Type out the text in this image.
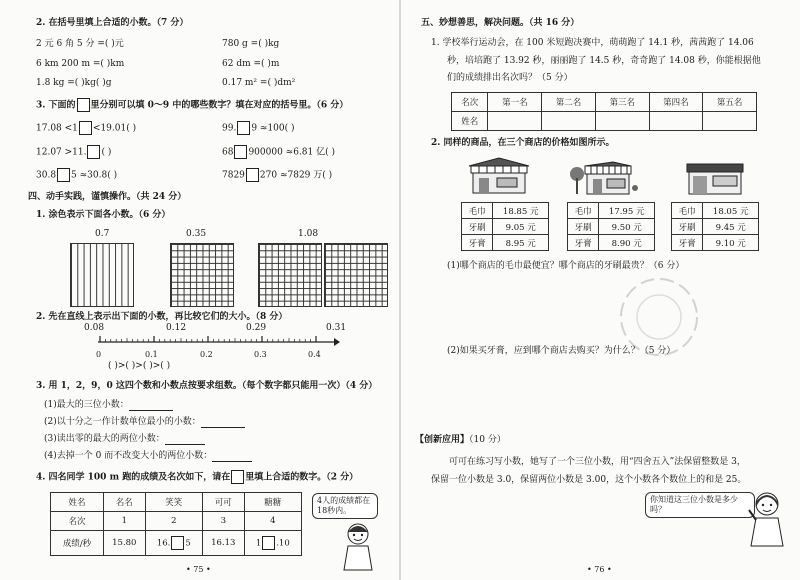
2. 在括号里填上合适的小数。（7 分）
2 元 6 角 5 分 =( )元	780 g =( )kg
6 km 200 m =( )km	62 dm =( )m
1.8 kg =( )kg( )g	0.17 m² =( )dm²
3. 下面的 里分别可以填 0～9 中的哪些数字？填在对应的括号里。（6 分）
17.08 <1 <19.01( )	99. 9 ≈100( )
12.07 >11. ( )	68 900000 ≈6.81 亿( )
30.8 5 ≈30.8( )	7829 270 ≈7829 万( )
四、动手实践，谨慎操作。（共 24 分）
1. 涂色表示下面各小数。（6 分）
0.7	0.35	1.08
2. 先在直线上表示出下面的小数，再比较它们的大小。（8 分）
0.08	0.12	0.29	0.31
0	0.1	0.2	0.3	0.4
( )>( )>( )>( )
3. 用 1，2，9，0 这四个数和小数点按要求组数。（每个数字都只能用一次）（4 分）
(1)最大的三位小数：
(2)以十分之一作计数单位最小的小数：
(3)读出零的最大的两位小数：
(4)去掉一个 0 而不改变大小的两位小数：
4. 四名同学 100 m 跑的成绩及名次如下，请在 里填上合适的数字。（2 分）
姓名	名名	笑笑	可可	糖糖
名次	1	2	3	4
成绩/秒	15.80	16. 5	16.13	1 .10
4人的成绩都在18秒内。
• 75 •
五、妙想善思，解决问题。（共 16 分）
1. 学校举行运动会，在 100 米短跑决赛中，萌萌跑了 14.1 秒，茜茜跑了 14.06
秒，培培跑了 13.92 秒，丽丽跑了 14.5 秒，奇奇跑了 14.08 秒，你能根据他
们的成绩排出名次吗？（5 分）
名次	第一名	第二名	第三名	第四名	第五名
姓名					
2. 同样的商品，在三个商店的价格如图所示。
毛巾	18.85 元
牙刷	9.05 元
牙膏	8.95 元
毛巾	17.95 元
牙刷	9.50 元
牙膏	8.90 元
毛巾	18.05 元
牙刷	9.45 元
牙膏	9.10 元
(1)哪个商店的毛巾最便宜？哪个商店的牙刷最贵？（6 分）
(2)如果买牙膏，应到哪个商店去购买？为什么？（5 分）
【创新应用】（10 分）
可可在练习写小数，她写了一个三位小数，用“四舍五入”法保留整数是 3，
保留一位小数是 3.0，保留两位小数是 3.00，这个小数各个数位上的和是 25。
你知道这三位小数是多少吗？
• 76 •
